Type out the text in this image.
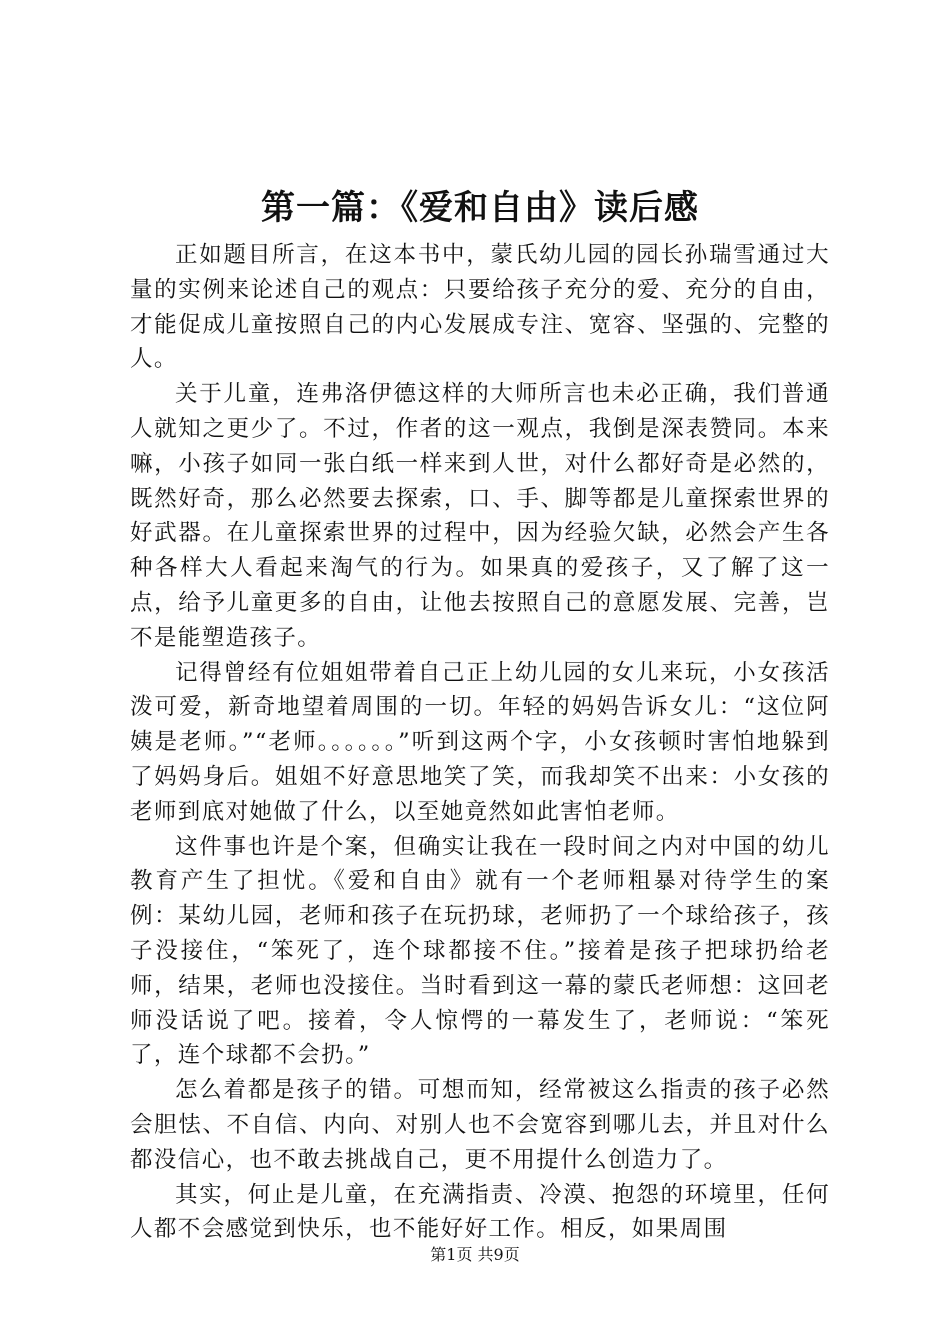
第一篇：《爱和自由》读后感

正如题目所言，在这本书中，蒙氏幼儿园的园长孙瑞雪通过大量的实例来论述自己的观点：只要给孩子充分的爱、充分的自由，才能促成儿童按照自己的内心发展成专注、宽容、坚强的、完整的人。

关于儿童，连弗洛伊德这样的大师所言也未必正确，我们普通人就知之更少了。不过，作者的这一观点，我倒是深表赞同。本来嘛，小孩子如同一张白纸一样来到人世，对什么都好奇是必然的，既然好奇，那么必然要去探索，口、手、脚等都是儿童探索世界的好武器。在儿童探索世界的过程中，因为经验欠缺，必然会产生各种各样大人看起来淘气的行为。如果真的爱孩子，又了解了这一点，给予儿童更多的自由，让他去按照自己的意愿发展、完善，岂不是能塑造孩子。

记得曾经有位姐姐带着自己正上幼儿园的女儿来玩，小女孩活泼可爱，新奇地望着周围的一切。年轻的妈妈告诉女儿：“这位阿姨是老师。”“老师。。。。。。”听到这两个字，小女孩顿时害怕地躲到了妈妈身后。姐姐不好意思地笑了笑，而我却笑不出来：小女孩的老师到底对她做了什么，以至她竟然如此害怕老师。

这件事也许是个案，但确实让我在一段时间之内对中国的幼儿教育产生了担忧。《爱和自由》就有一个老师粗暴对待学生的案例：某幼儿园，老师和孩子在玩扔球，老师扔了一个球给孩子，孩子没接住，“笨死了，连个球都接不住。”接着是孩子把球扔给老师，结果，老师也没接住。当时看到这一幕的蒙氏老师想：这回老师没话说了吧。接着，令人惊愕的一幕发生了，老师说：“笨死了，连个球都不会扔。”

怎么着都是孩子的错。可想而知，经常被这么指责的孩子必然会胆怯、不自信、内向、对别人也不会宽容到哪儿去，并且对什么都没信心，也不敢去挑战自己，更不用提什么创造力了。

其实，何止是儿童，在充满指责、冷漠、抱怨的环境里，任何人都不会感觉到快乐，也不能好好工作。相反，如果周围

第1页 共9页
